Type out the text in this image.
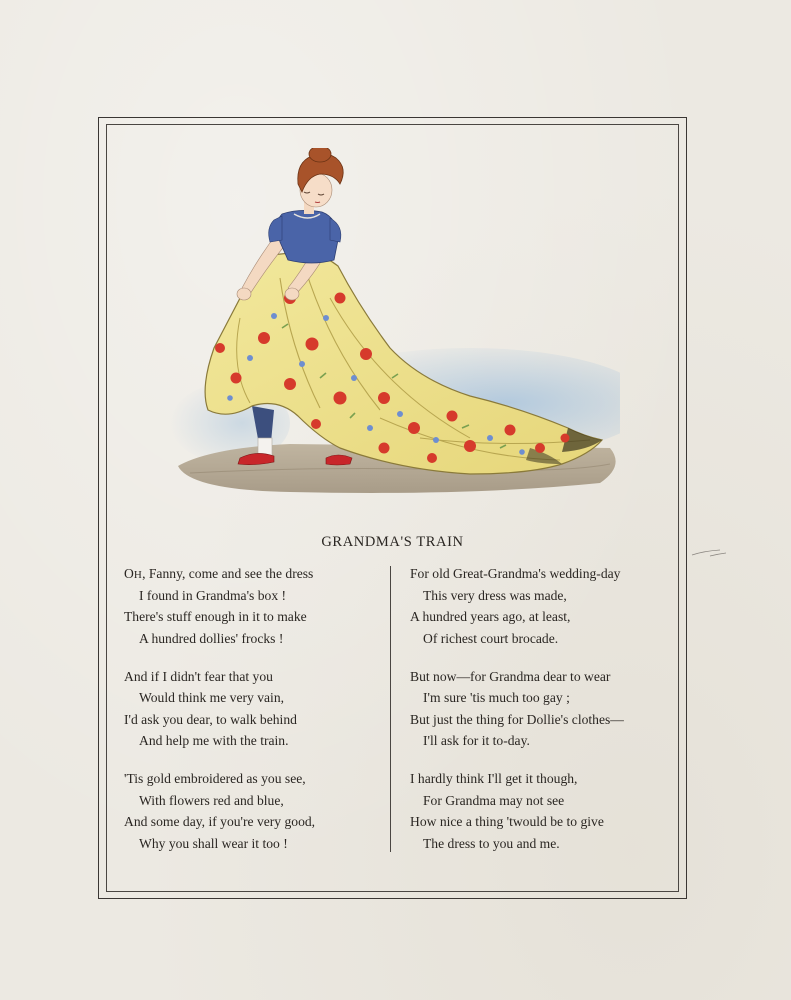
GRANDMA'S TRAIN
OH, Fanny, come and see the dress
I found in Grandma's box !
There's stuff enough in it to make
A hundred dollies' frocks !
And if I didn't fear that you
Would think me very vain,
I'd ask you dear, to walk behind
And help me with the train.
'Tis gold embroidered as you see,
With flowers red and blue,
And some day, if you're very good,
Why you shall wear it too !
For old Great-Grandma's wedding-day
This very dress was made,
A hundred years ago, at least,
Of richest court brocade.
But now—for Grandma dear to wear
I'm sure 'tis much too gay ;
But just the thing for Dollie's clothes—
I'll ask for it to-day.
I hardly think I'll get it though,
For Grandma may not see
How nice a thing 'twould be to give
The dress to you and me.
